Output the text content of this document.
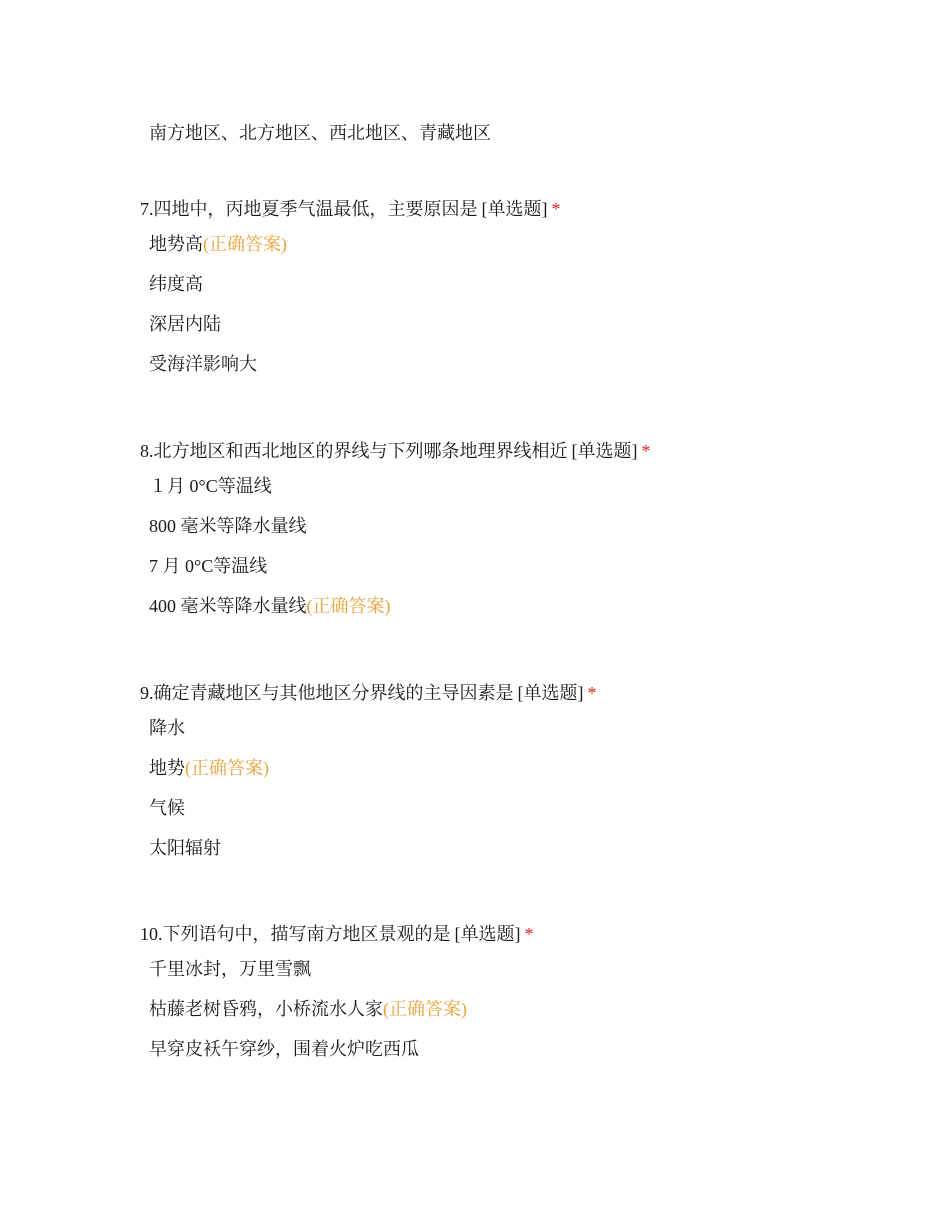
南方地区、北方地区、西北地区、青藏地区
7.四地中，丙地夏季气温最低，主要原因是 [单选题] *
地势高(正确答案)
纬度高
深居内陆
受海洋影响大
8.北方地区和西北地区的界线与下列哪条地理界线相近 [单选题] *
１月 0°C等温线
800 毫米等降水量线
7 月 0°C等温线
400 毫米等降水量线(正确答案)
9.确定青藏地区与其他地区分界线的主导因素是 [单选题] *
降水
地势(正确答案)
气候
太阳辐射
10.下列语句中，描写南方地区景观的是 [单选题] *
千里冰封，万里雪飘
枯藤老树昏鸦，小桥流水人家(正确答案)
早穿皮袄午穿纱，围着火炉吃西瓜
